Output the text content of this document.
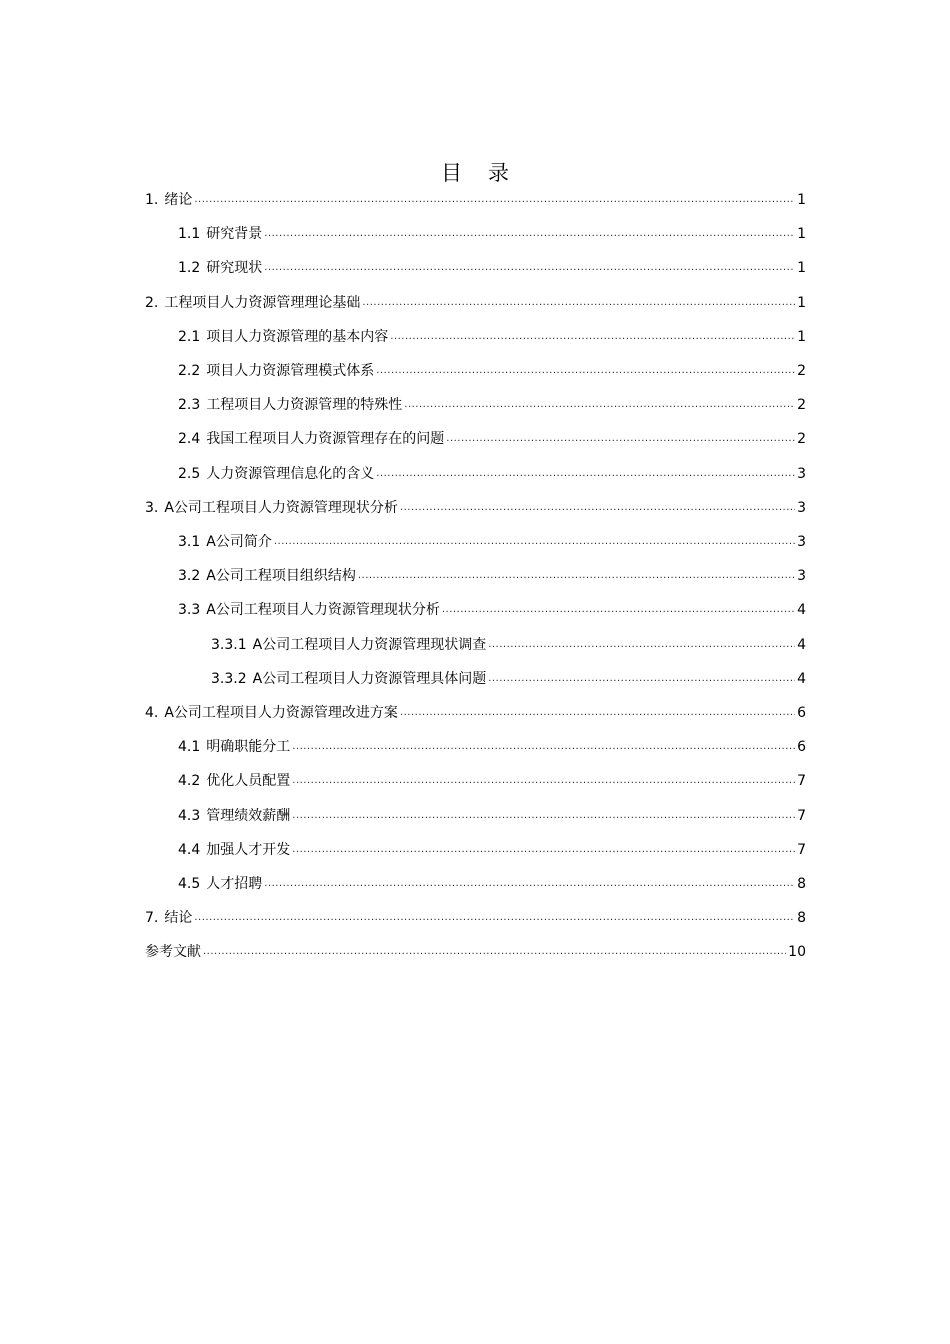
目录
1. 绪论 .....	1
1.1 研究背景 .....	1
1.2 研究现状 .....	1
2. 工程项目人力资源管理理论基础 .....	1
2.1 项目人力资源管理的基本内容 .....	1
2.2 项目人力资源管理模式体系 .....	2
2.3 工程项目人力资源管理的特殊性 .....	2
2.4 我国工程项目人力资源管理存在的问题 .....	2
2.5 人力资源管理信息化的含义 .....	3
3. A公司工程项目人力资源管理现状分析 .....	3
3.1 A公司简介 .....	3
3.2 A公司工程项目组织结构 .....	3
3.3 A公司工程项目人力资源管理现状分析 .....	4
3.3.1 A公司工程项目人力资源管理现状调查 .....	4
3.3.2 A公司工程项目人力资源管理具体问题 .....	4
4. A公司工程项目人力资源管理改进方案 .....	6
4.1 明确职能分工 .....	6
4.2 优化人员配置 .....	7
4.3 管理绩效薪酬 .....	7
4.4 加强人才开发 .....	7
4.5 人才招聘 .....	8
7. 结论 .....	8
参考文献 .....	10
